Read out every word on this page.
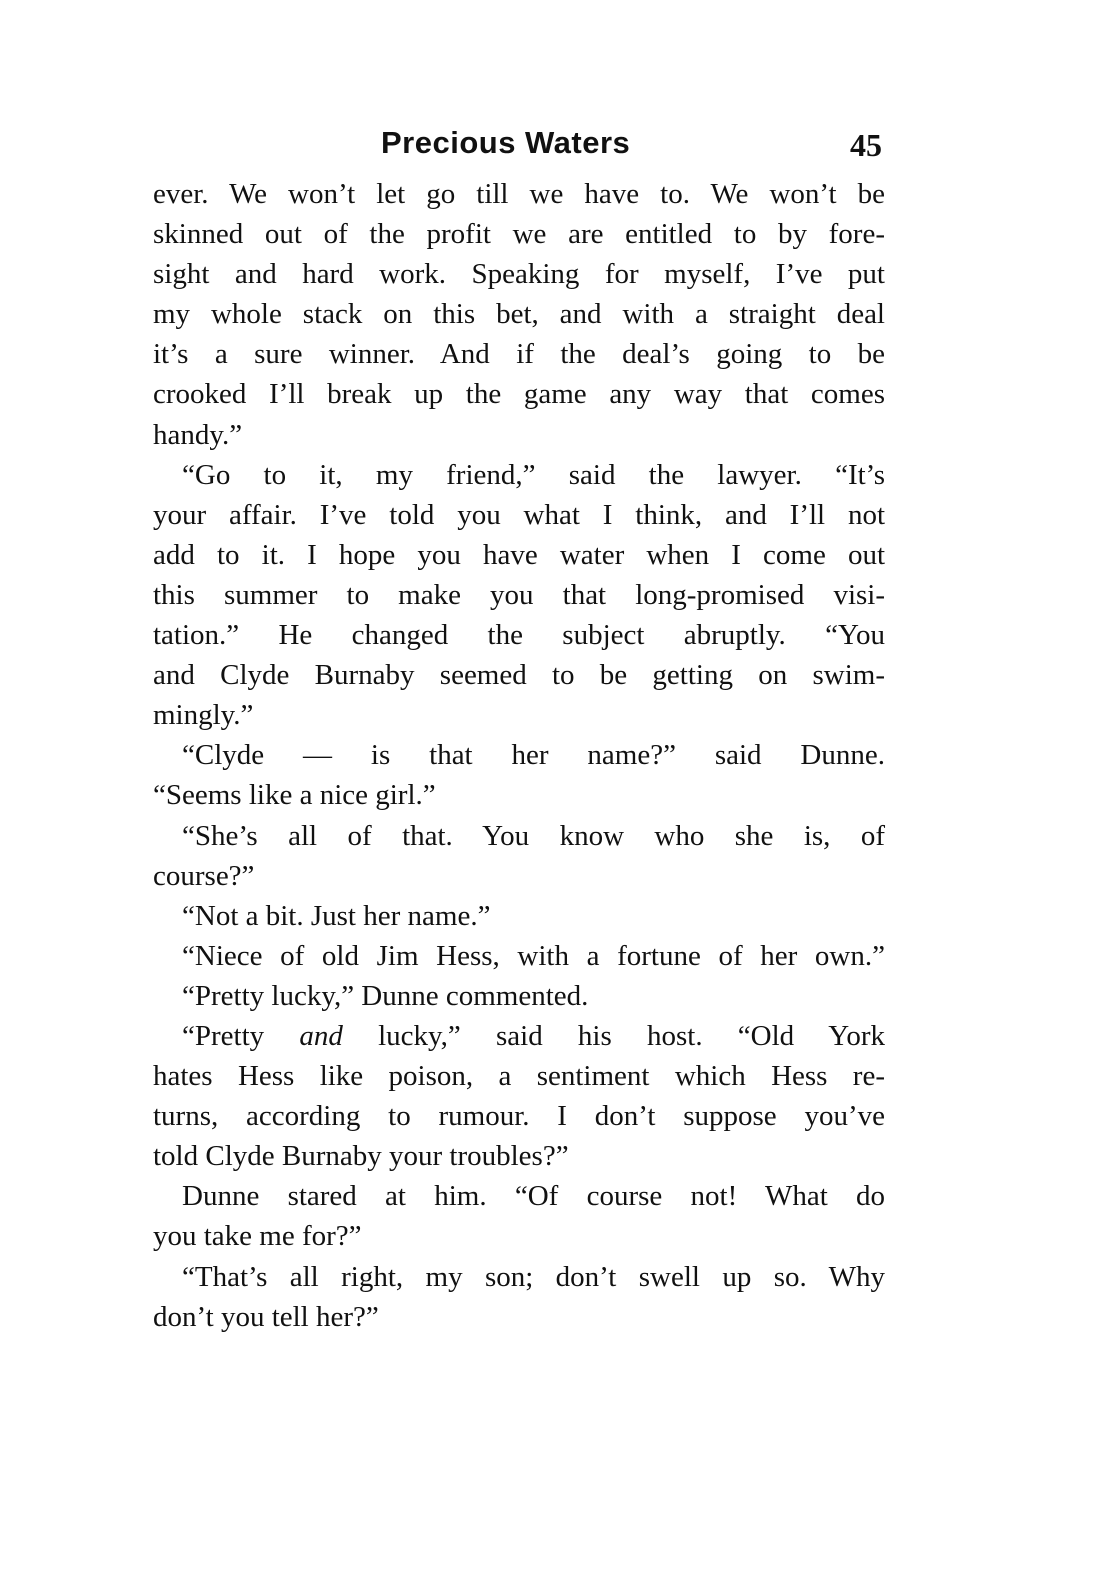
Precious Waters	45
ever. We won’t let go till we have to. We won’t be
skinned out of the profit we are entitled to by fore-
sight and hard work. Speaking for myself, I’ve put
my whole stack on this bet, and with a straight deal
it’s a sure winner. And if the deal’s going to be
crooked I’ll break up the game any way that comes
handy.”
“Go to it, my friend,” said the lawyer. “It’s
your affair. I’ve told you what I think, and I’ll not
add to it. I hope you have water when I come out
this summer to make you that long-promised visi-
tation.” He changed the subject abruptly. “You
and Clyde Burnaby seemed to be getting on swim-
mingly.”
“Clyde — is that her name?” said Dunne.
“Seems like a nice girl.”
“She’s all of that. You know who she is, of
course?”
“Not a bit. Just her name.”
“Niece of old Jim Hess, with a fortune of her own.”
“Pretty lucky,” Dunne commented.
“Pretty and lucky,” said his host. “Old York
hates Hess like poison, a sentiment which Hess re-
turns, according to rumour. I don’t suppose you’ve
told Clyde Burnaby your troubles?”
Dunne stared at him. “Of course not! What do
you take me for?”
“That’s all right, my son; don’t swell up so. Why
don’t you tell her?”
